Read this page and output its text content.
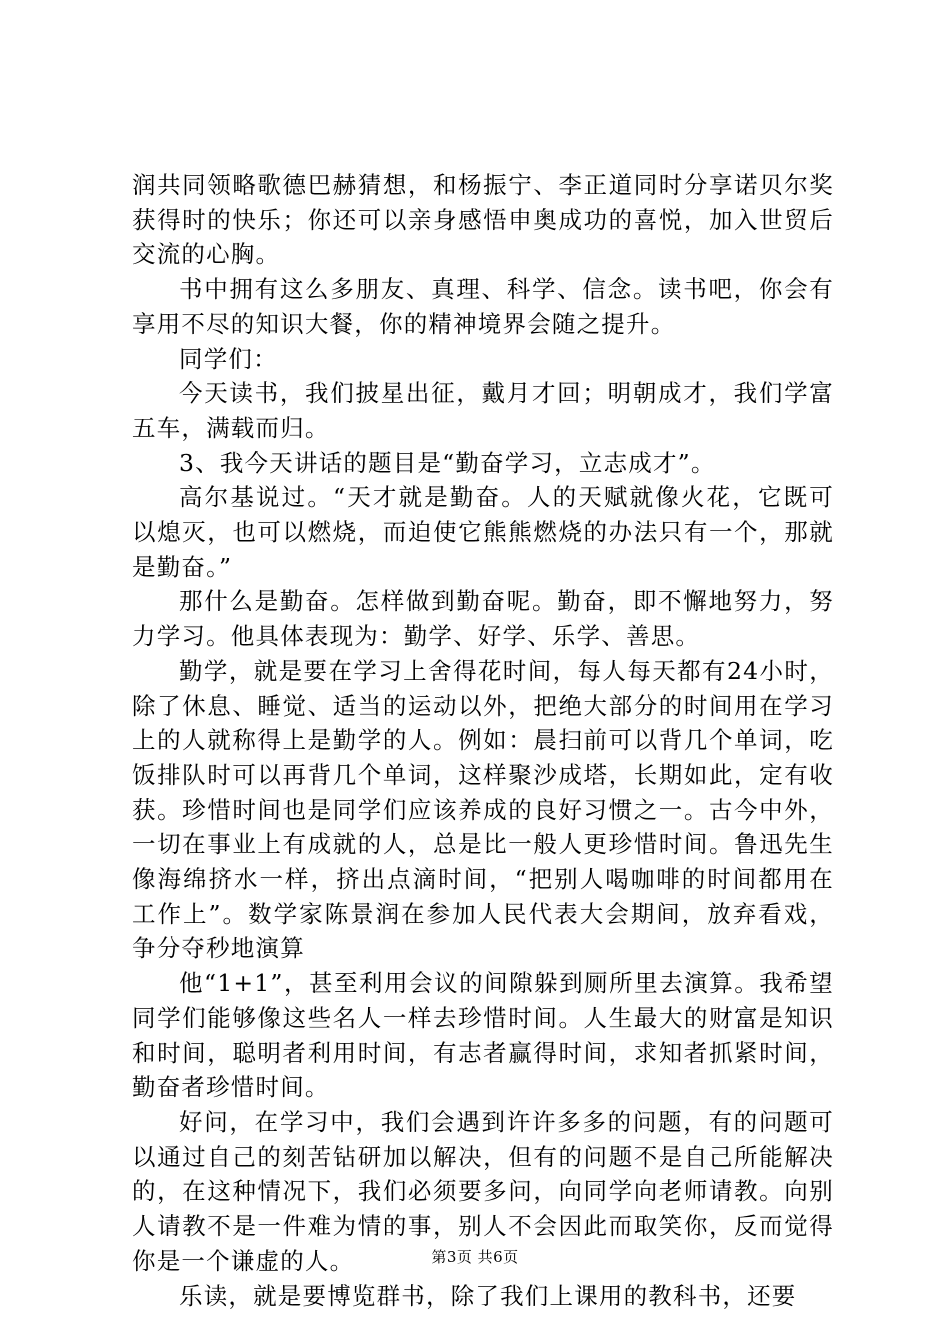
润共同领略歌德巴赫猜想，和杨振宁、李正道同时分享诺贝尔奖获得时的快乐；你还可以亲身感悟申奥成功的喜悦，加入世贸后交流的心胸。

书中拥有这么多朋友、真理、科学、信念。读书吧，你会有享用不尽的知识大餐，你的精神境界会随之提升。

同学们：

今天读书，我们披星出征，戴月才回；明朝成才，我们学富五车，满载而归。

3、我今天讲话的题目是“勤奋学习，立志成才”。

高尔基说过。“天才就是勤奋。人的天赋就像火花，它既可以熄灭，也可以燃烧，而迫使它熊熊燃烧的办法只有一个，那就是勤奋。”

那什么是勤奋。怎样做到勤奋呢。勤奋，即不懈地努力，努力学习。他具体表现为：勤学、好学、乐学、善思。

勤学，就是要在学习上舍得花时间，每人每天都有24小时，除了休息、睡觉、适当的运动以外，把绝大部分的时间用在学习上的人就称得上是勤学的人。例如：晨扫前可以背几个单词，吃饭排队时可以再背几个单词，这样聚沙成塔，长期如此，定有收获。珍惜时间也是同学们应该养成的良好习惯之一。古今中外，一切在事业上有成就的人，总是比一般人更珍惜时间。鲁迅先生像海绵挤水一样，挤出点滴时间，“把别人喝咖啡的时间都用在工作上”。数学家陈景润在参加人民代表大会期间，放弃看戏，争分夺秒地演算

他“1+1”，甚至利用会议的间隙躲到厕所里去演算。我希望同学们能够像这些名人一样去珍惜时间。人生最大的财富是知识和时间，聪明者利用时间，有志者赢得时间，求知者抓紧时间，勤奋者珍惜时间。

好问，在学习中，我们会遇到许许多多的问题，有的问题可以通过自己的刻苦钻研加以解决，但有的问题不是自己所能解决的，在这种情况下，我们必须要多问，向同学向老师请教。向别人请教不是一件难为情的事，别人不会因此而取笑你，反而觉得你是一个谦虚的人。

乐读，就是要博览群书，除了我们上课用的教科书，还要

第3页 共6页
